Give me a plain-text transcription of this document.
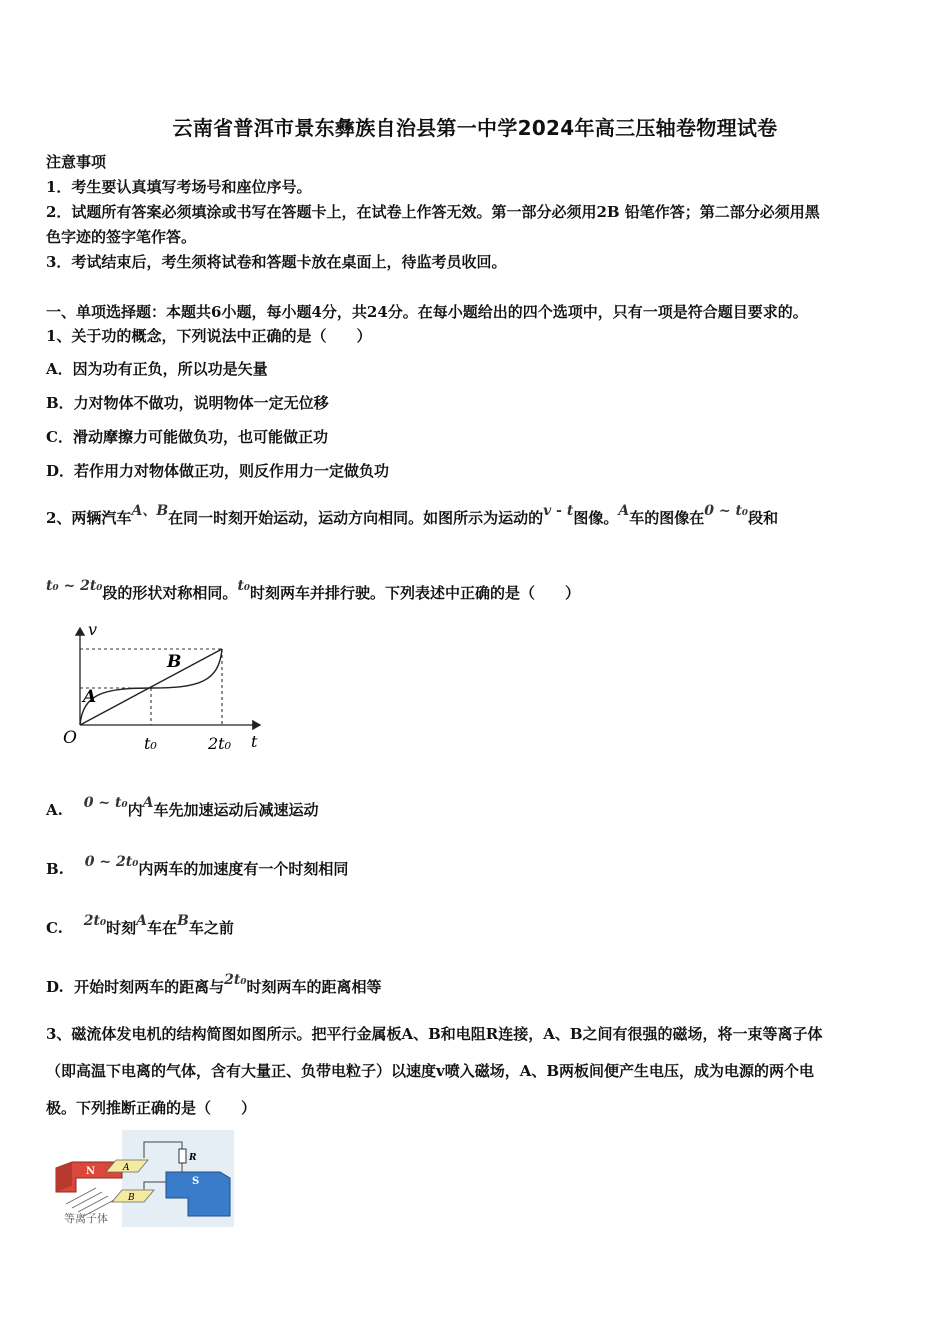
云南省普洱市景东彝族自治县第一中学2024年高三压轴卷物理试卷
注意事项
1．考生要认真填写考场号和座位序号。
2．试题所有答案必须填涂或书写在答题卡上，在试卷上作答无效。第一部分必须用2B 铅笔作答；第二部分必须用黑
色字迹的签字笔作答。
3．考试结束后，考生须将试卷和答题卡放在桌面上，待监考员收回。
一、单项选择题：本题共6小题，每小题4分，共24分。在每小题给出的四个选项中，只有一项是符合题目要求的。
1、关于功的概念，下列说法中正确的是（　　）
A．因为功有正负，所以功是矢量
B．力对物体不做功，说明物体一定无位移
C．滑动摩擦力可能做负功，也可能做正功
D．若作用力对物体做正功，则反作用力一定做负功
2、两辆汽车A、B在同一时刻开始运动，运动方向相同。如图所示为运动的v - t图像。A车的图像在0 ~ t₀段和
t₀ ~ 2t₀段的形状对称相同。t₀时刻两车并排行驶。下列表述中正确的是（　　）
v
O	t₀	2t₀ t
A
B
A. 0 ~ t₀内A车先加速运动后减速运动
B. 0 ~ 2t₀内两车的加速度有一个时刻相同
C. 2t₀时刻A车在B车之前
D. 开始时刻两车的距离与2t₀时刻两车的距离相等
3、磁流体发电机的结构简图如图所示。把平行金属板A、B和电阻R连接，A、B之间有很强的磁场，将一束等离子体
（即高温下电离的气体，含有大量正、负带电粒子）以速度v喷入磁场，A、B两板间便产生电压，成为电源的两个电
极。下列推断正确的是（　　）
R
N	A
B
S
等离子体
